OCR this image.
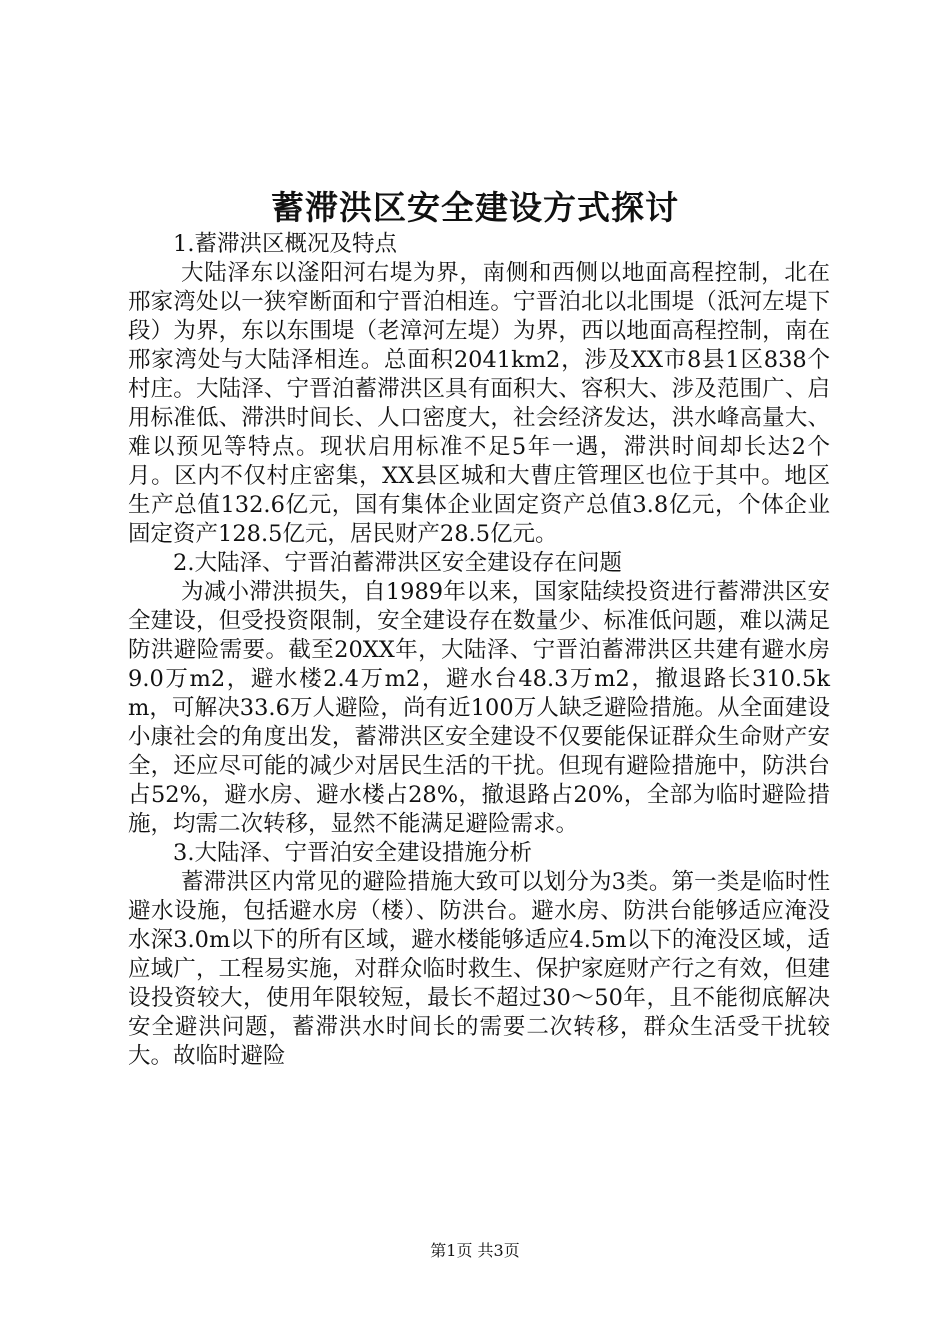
蓄滞洪区安全建设方式探讨

1.蓄滞洪区概况及特点

大陆泽东以滏阳河右堤为界，南侧和西侧以地面高程控制，北在邢家湾处以一狭窄断面和宁晋泊相连。宁晋泊北以北围堤（泜河左堤下段）为界，东以东围堤（老漳河左堤）为界，西以地面高程控制，南在邢家湾处与大陆泽相连。总面积2041km2，涉及XX市8县1区838个村庄。大陆泽、宁晋泊蓄滞洪区具有面积大、容积大、涉及范围广、启用标准低、滞洪时间长、人口密度大，社会经济发达，洪水峰高量大、难以预见等特点。现状启用标准不足5年一遇，滞洪时间却长达2个月。区内不仅村庄密集，XX县区城和大曹庄管理区也位于其中。地区生产总值132.6亿元，国有集体企业固定资产总值3.8亿元，个体企业固定资产128.5亿元，居民财产28.5亿元。

2.大陆泽、宁晋泊蓄滞洪区安全建设存在问题

为减小滞洪损失，自1989年以来，国家陆续投资进行蓄滞洪区安全建设，但受投资限制，安全建设存在数量少、标准低问题，难以满足防洪避险需要。截至20XX年，大陆泽、宁晋泊蓄滞洪区共建有避水房9.0万m2，避水楼2.4万m2，避水台48.3万m2，撤退路长310.5km，可解决33.6万人避险，尚有近100万人缺乏避险措施。从全面建设小康社会的角度出发，蓄滞洪区安全建设不仅要能保证群众生命财产安全，还应尽可能的减少对居民生活的干扰。但现有避险措施中，防洪台占52%，避水房、避水楼占28%，撤退路占20%，全部为临时避险措施，均需二次转移，显然不能满足避险需求。

3.大陆泽、宁晋泊安全建设措施分析

蓄滞洪区内常见的避险措施大致可以划分为3类。第一类是临时性避水设施，包括避水房（楼）、防洪台。避水房、防洪台能够适应淹没水深3.0m以下的所有区域，避水楼能够适应4.5m以下的淹没区域，适应域广，工程易实施，对群众临时救生、保护家庭财产行之有效，但建设投资较大，使用年限较短，最长不超过30～50年，且不能彻底解决安全避洪问题，蓄滞洪水时间长的需要二次转移，群众生活受干扰较大。故临时避险

第1页 共3页
